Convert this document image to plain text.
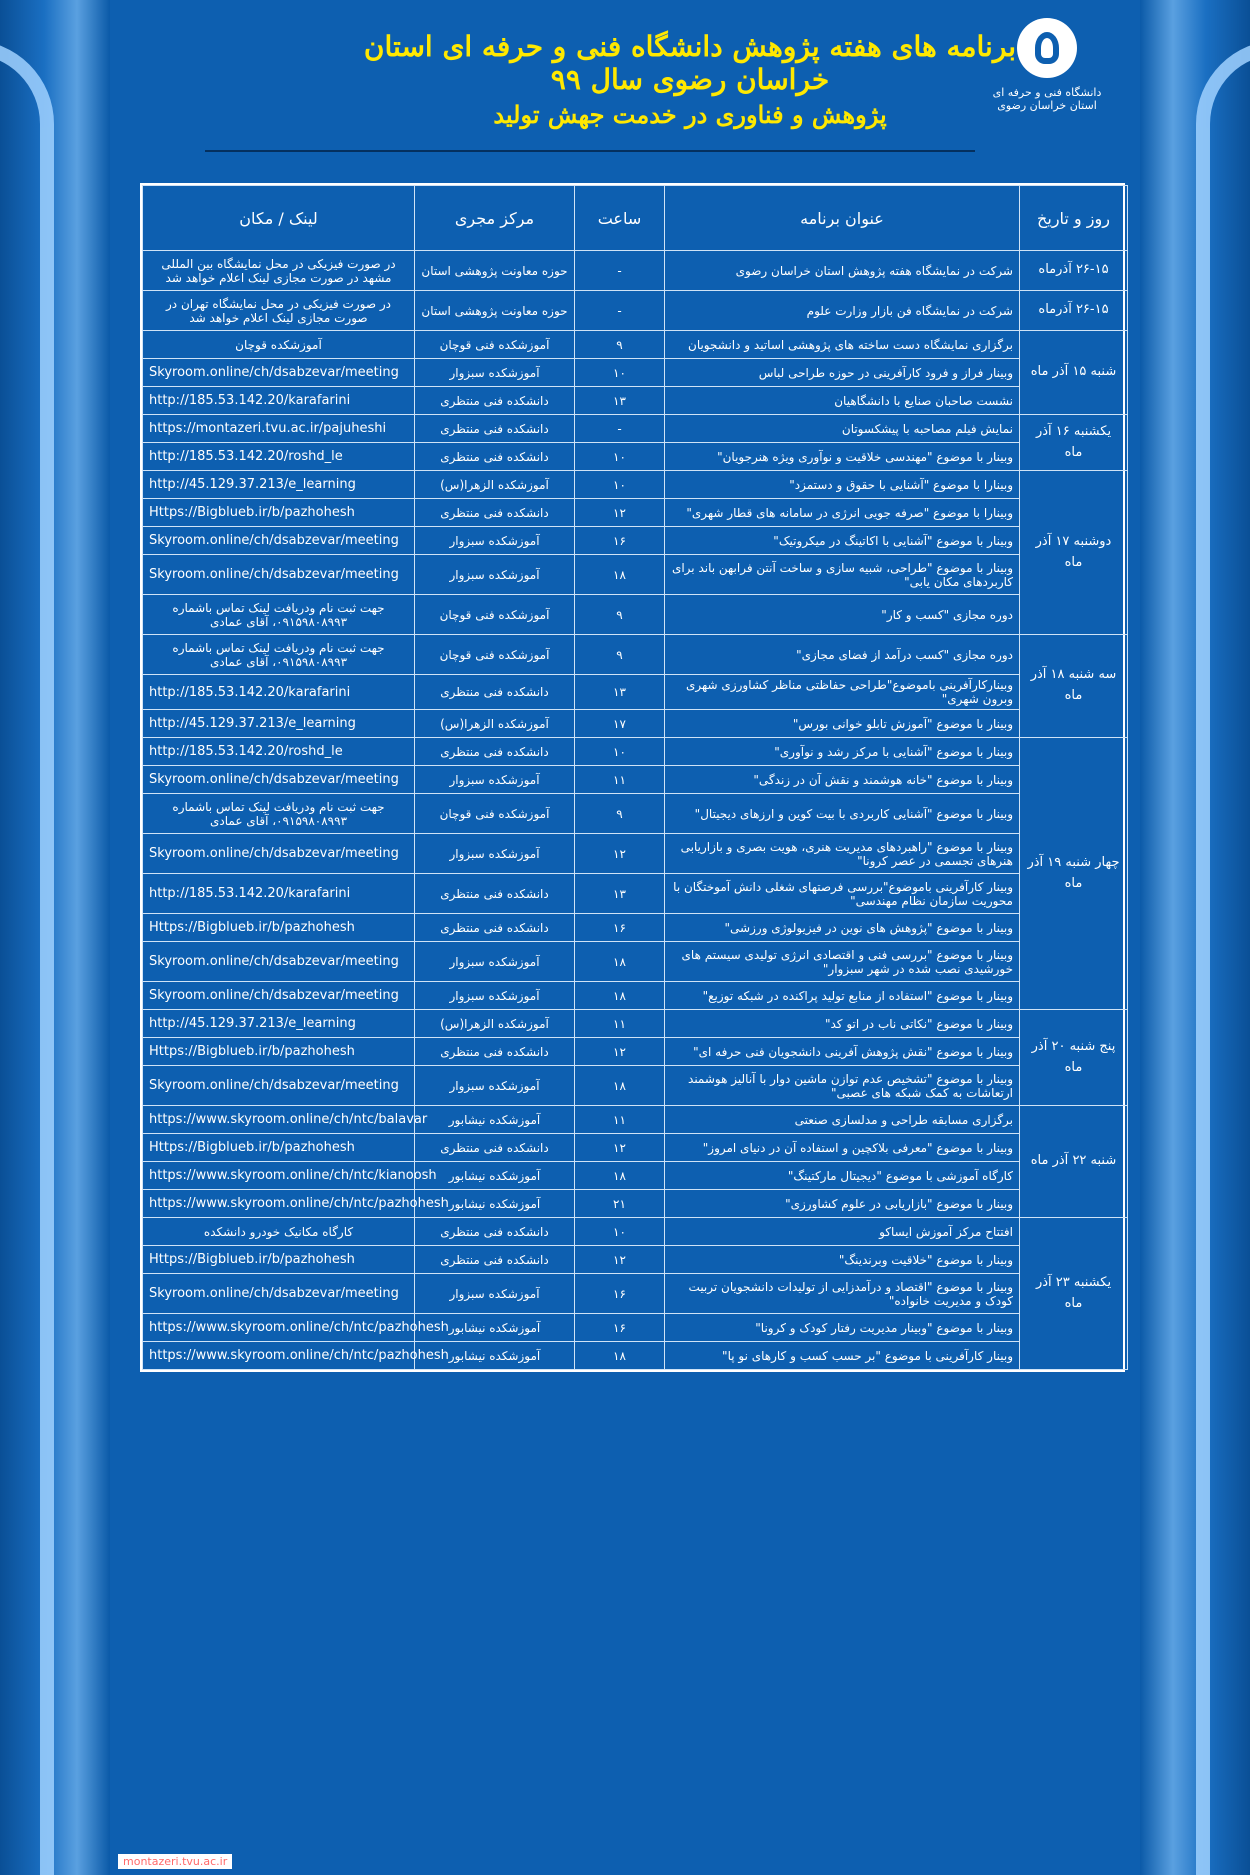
برنامه های هفته پژوهش دانشگاه فنی و حرفه ای استان خراسان رضوی سال ۹۹
پژوهش و فناوری در خدمت جهش تولید
دانشگاه فنی و حرفه ای استان خراسان رضوی
روز و تاریخ	عنوان برنامه	ساعت	مرکز مجری	لینک / مکان
۲۶-۱۵ آذرماه	شرکت در نمایشگاه هفته پژوهش استان خراسان رضوی	-	حوزه معاونت پژوهشی استان	در صورت فیزیکی در محل نمایشگاه بین المللی مشهد در صورت مجازی لینک اعلام خواهد شد
۲۶-۱۵ آذرماه	شرکت در نمایشگاه فن بازار وزارت علوم	-	حوزه معاونت پژوهشی استان	در صورت فیزیکی در محل نمایشگاه تهران در صورت مجازی لینک اعلام خواهد شد
شنبه ۱۵ آذر ماه	برگزاری نمایشگاه دست ساخته های پژوهشی اساتید و دانشجویان	۹	آموزشکده فنی قوچان	آموزشکده قوچان
	وبینار فراز و فرود کارآفرینی در حوزه طراحی لباس	۱۰	آموزشکده سبزوار	Skyroom.online/ch/dsabzevar/meeting
	نشست صاحبان صنایع با دانشگاهیان	۱۳	دانشکده فنی منتظری	http://185.53.142.20/karafarini
یکشنبه ۱۶ آذر ماه	نمایش فیلم مصاحبه با پیشکسوتان	-	دانشکده فنی منتظری	https://montazeri.tvu.ac.ir/pajuheshi
	وبینار با موضوع "مهندسی خلاقیت و نوآوری ویژه هنرجویان"	۱۰	دانشکده فنی منتظری	http://185.53.142.20/roshd_le
دوشنبه ۱۷ آذر ماه	وبینارا با موضوع "آشنایی با حقوق و دستمزد"	۱۰	آموزشکده الزهرا(س)	http://45.129.37.213/e_learning
	وبینارا با موضوع "صرفه جویی انرژی در سامانه های قطار شهری"	۱۲	دانشکده فنی منتظری	Https://Bigblueb.ir/b/pazhohesh
	وبینار با موضوع "آشنایی با اکاتینگ در میکروتیک"	۱۶	آموزشکده سبزوار	Skyroom.online/ch/dsabzevar/meeting
	وبینار با موضوع "طراحی، شبیه سازی و ساخت آنتن فرابهن باند برای کاربردهای مکان یابی"	۱۸	آموزشکده سبزوار	Skyroom.online/ch/dsabzevar/meeting
	دوره مجازی "کسب و کار"	۹	آموزشکده فنی قوچان	جهت ثبت نام ودریافت لینک تماس باشماره ۰۹۱۵۹۸۰۸۹۹۳، آقای عمادی
سه شنبه ۱۸ آذر ماه	دوره مجازی "کسب درآمد از فضای مجازی"	۹	آموزشکده فنی قوچان	جهت ثبت نام ودریافت لینک تماس باشماره ۰۹۱۵۹۸۰۸۹۹۳، آقای عمادی
	وبینارکارآفرینی باموضوع"طراحی حفاظتی مناظر کشاورزی شهری وبرون شهری"	۱۳	دانشکده فنی منتظری	http://185.53.142.20/karafarini
	وبینار با موضوع "آموزش تابلو خوانی بورس"	۱۷	آموزشکده الزهرا(س)	http://45.129.37.213/e_learning
چهار شنبه ۱۹ آذر ماه	وبینار با موضوع "آشنایی با مرکز رشد و نوآوری"	۱۰	دانشکده فنی منتظری	http://185.53.142.20/roshd_le
	وبینار با موضوع "خانه هوشمند و نقش آن در زندگی"	۱۱	آموزشکده سبزوار	Skyroom.online/ch/dsabzevar/meeting
	وبینار با موضوع "آشنایی کاربردی با بیت کوین و ارزهای دیجیتال"	۹	آموزشکده فنی قوچان	جهت ثبت نام ودریافت لینک تماس باشماره ۰۹۱۵۹۸۰۸۹۹۳، آقای عمادی
	وبینار با موضوع "راهبردهای مدیریت هنری، هویت بصری و بازاریابی هنرهای تجسمی در عصر کرونا"	۱۲	آموزشکده سبزوار	Skyroom.online/ch/dsabzevar/meeting
	وبینار کارآفرینی باموضوع"بررسی فرصتهای شغلی دانش آموختگان با محوریت سازمان نظام مهندسی"	۱۳	دانشکده فنی منتظری	http://185.53.142.20/karafarini
	وبینار با موضوع "پژوهش های نوین در فیزیولوژی ورزشی"	۱۶	دانشکده فنی منتظری	Https://Bigblueb.ir/b/pazhohesh
	وبینار با موضوع "بررسی فنی و اقتصادی انرژی تولیدی سیستم های خورشیدی نصب شده در شهر سبزوار"	۱۸	آموزشکده سبزوار	Skyroom.online/ch/dsabzevar/meeting
	وبینار با موضوع "استفاده از منابع تولید پراکنده در شبکه توزیع"	۱۸	آموزشکده سبزوار	Skyroom.online/ch/dsabzevar/meeting
پنج شنبه ۲۰ آذر ماه	وبینار با موضوع "نکاتی ناب در اتو کد"	۱۱	آموزشکده الزهرا(س)	http://45.129.37.213/e_learning
	وبینار با موضوع "نقش پژوهش آفرینی دانشجویان فنی حرفه ای"	۱۲	دانشکده فنی منتظری	Https://Bigblueb.ir/b/pazhohesh
	وبینار با موضوع "تشخیص عدم توازن ماشین دوار با آنالیز هوشمند ارتعاشات به کمک شبکه های عصبی"	۱۸	آموزشکده سبزوار	Skyroom.online/ch/dsabzevar/meeting
شنبه ۲۲ آذر ماه	برگزاری مسابقه طراحی و مدلسازی صنعتی	۱۱	آموزشکده نیشابور	https://www.skyroom.online/ch/ntc/balavar
	وبینار با موضوع "معرفی بلاکچین و استفاده آن در دنیای امروز"	۱۲	دانشکده فنی منتظری	Https://Bigblueb.ir/b/pazhohesh
	کارگاه آموزشی با موضوع "دیجیتال مارکتینگ"	۱۸	آموزشکده نیشابور	https://www.skyroom.online/ch/ntc/kianoosh
	وبینار با موضوع "بازاریابی در علوم کشاورزی"	۲۱	آموزشکده نیشابور	https://www.skyroom.online/ch/ntc/pazhohesh
یکشنبه ۲۳ آذر ماه	افتتاح مرکز آموزش ایساکو	۱۰	دانشکده فنی منتظری	کارگاه مکانیک خودرو دانشکده
	وبینار با موضوع "خلاقیت وبرندینگ"	۱۲	دانشکده فنی منتظری	Https://Bigblueb.ir/b/pazhohesh
	وبینار با موضوع "اقتصاد و درآمدزایی از تولیدات دانشجویان تربیت کودک و مدیریت خانواده"	۱۶	آموزشکده سبزوار	Skyroom.online/ch/dsabzevar/meeting
	وبینار با موضوع "وبینار مدیریت رفتار کودک و کرونا"	۱۶	آموزشکده نیشابور	https://www.skyroom.online/ch/ntc/pazhohesh
	وبینار کارآفرینی با موضوع "بر حسب کسب و کارهای نو پا"	۱۸	آموزشکده نیشابور	https://www.skyroom.online/ch/ntc/pazhohesh
montazeri.tvu.ac.ir
